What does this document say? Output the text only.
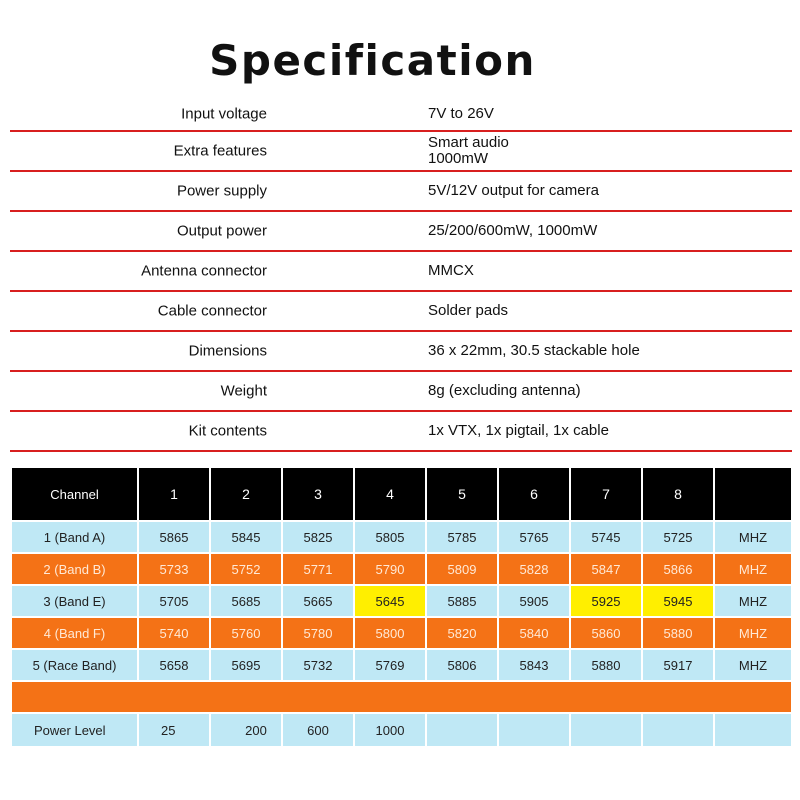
Specification
Input voltage	7V to 26V
Extra features	Smart audio
1000mW
Power supply	5V/12V output for camera
Output power	25/200/600mW, 1000mW
Antenna connector	MMCX
Cable connector	Solder pads
Dimensions	36 x 22mm, 30.5 stackable hole
Weight	8g (excluding antenna)
Kit contents	1x VTX, 1x pigtail, 1x cable
Channel	1	2	3	4	5	6	7	8	
1 (Band A)	5865	5845	5825	5805	5785	5765	5745	5725	MHZ
2 (Band B)	5733	5752	5771	5790	5809	5828	5847	5866	MHZ
3 (Band E)	5705	5685	5665	5645	5885	5905	5925	5945	MHZ
4 (Band F)	5740	5760	5780	5800	5820	5840	5860	5880	MHZ
5 (Race Band)	5658	5695	5732	5769	5806	5843	5880	5917	MHZ

Power Level	25	200	600	1000					
